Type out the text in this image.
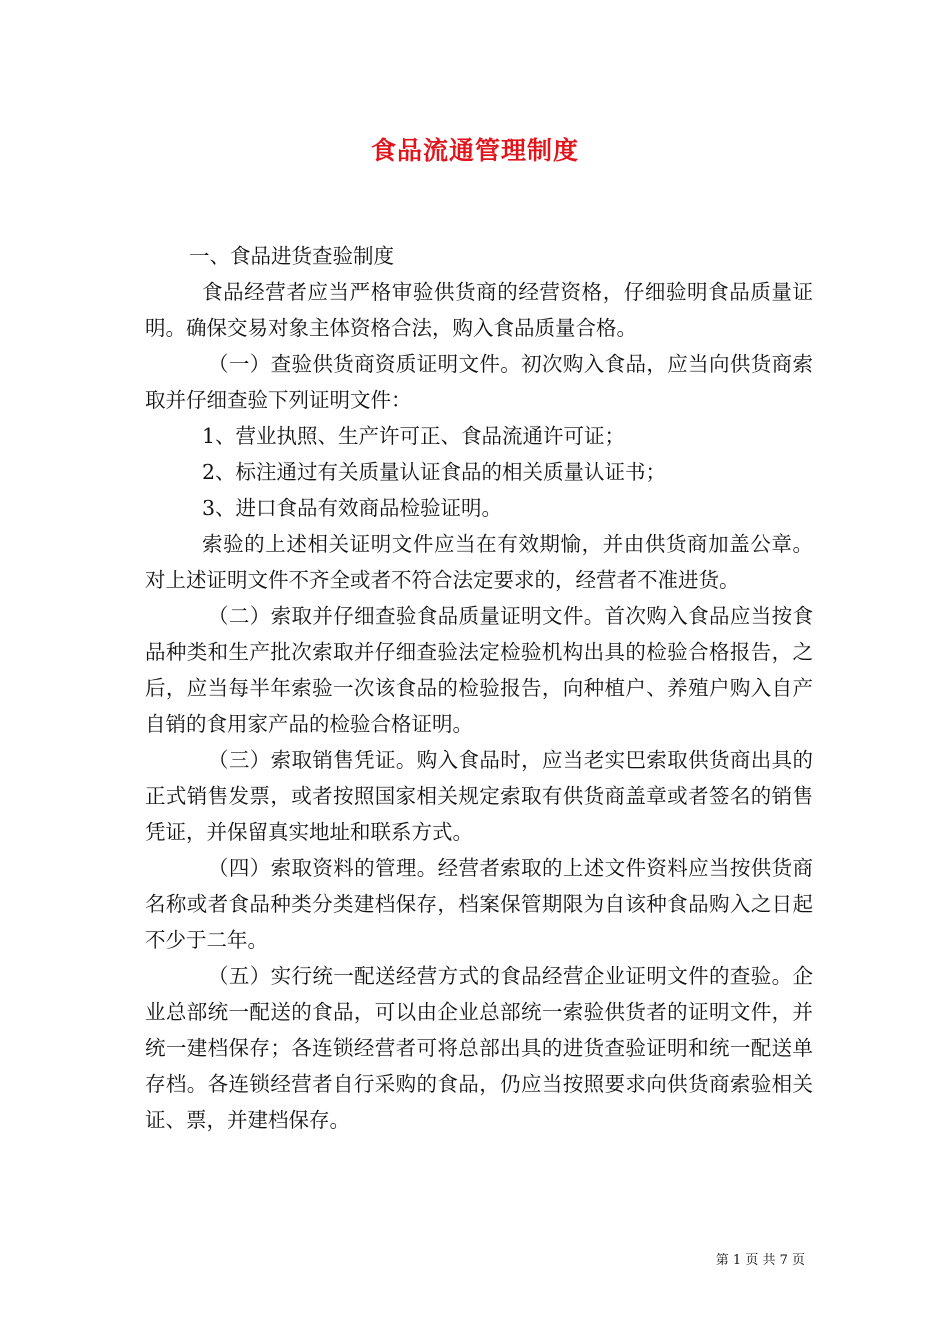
食品流通管理制度

一、食品进货查验制度

食品经营者应当严格审验供货商的经营资格，仔细验明食品质量证明。确保交易对象主体资格合法，购入食品质量合格。

（一）查验供货商资质证明文件。初次购入食品，应当向供货商索取并仔细查验下列证明文件：

1、营业执照、生产许可正、食品流通许可证；

2、标注通过有关质量认证食品的相关质量认证书；

3、进口食品有效商品检验证明。

索验的上述相关证明文件应当在有效期愉，并由供货商加盖公章。对上述证明文件不齐全或者不符合法定要求的，经营者不准进货。

（二）索取并仔细查验食品质量证明文件。首次购入食品应当按食品种类和生产批次索取并仔细查验法定检验机构出具的检验合格报告，之后，应当每半年索验一次该食品的检验报告，向种植户、养殖户购入自产自销的食用家产品的检验合格证明。

（三）索取销售凭证。购入食品时，应当老实巴索取供货商出具的正式销售发票，或者按照国家相关规定索取有供货商盖章或者签名的销售凭证，并保留真实地址和联系方式。

（四）索取资料的管理。经营者索取的上述文件资料应当按供货商名称或者食品种类分类建档保存，档案保管期限为自该种食品购入之日起不少于二年。

（五）实行统一配送经营方式的食品经营企业证明文件的查验。企业总部统一配送的食品，可以由企业总部统一索验供货者的证明文件，并统一建档保存；各连锁经营者可将总部出具的进货查验证明和统一配送单存档。各连锁经营者自行采购的食品，仍应当按照要求向供货商索验相关证、票，并建档保存。

第 1 页 共 7 页
